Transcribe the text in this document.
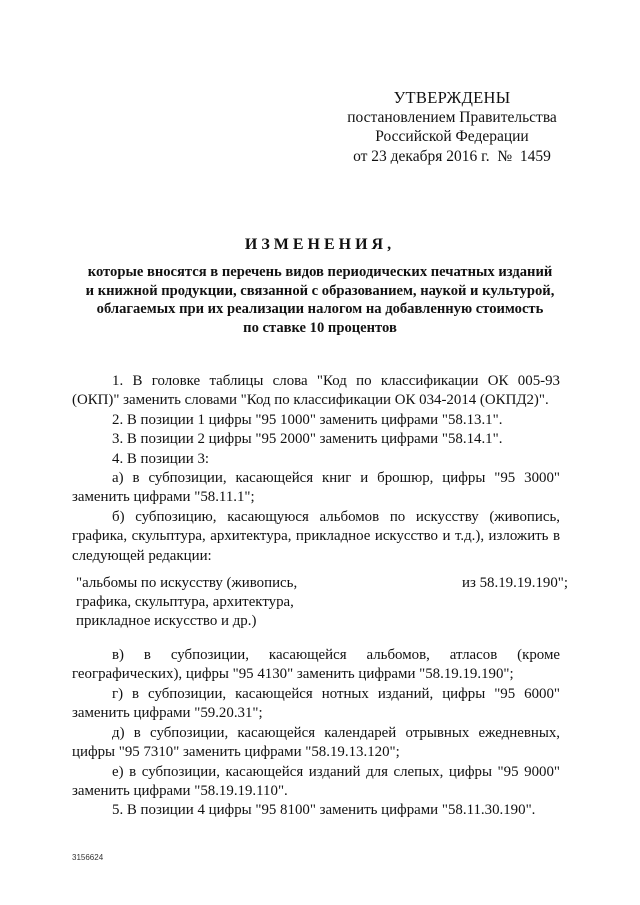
УТВЕРЖДЕНЫ
постановлением Правительства
Российской Федерации
от 23 декабря 2016 г.  №  1459
ИЗМЕНЕНИЯ,
которые вносятся в перечень видов периодических печатных изданий
и книжной продукции, связанной с образованием, наукой и культурой,
облагаемых при их реализации налогом на добавленную стоимость
по ставке 10 процентов

1. В головке таблицы слова "Код по классификации ОК 005-93 (ОКП)" заменить словами "Код по классификации ОК 034-2014 (ОКПД2)".

2. В позиции 1 цифры "95 1000" заменить цифрами "58.13.1".

3. В позиции 2 цифры "95 2000" заменить цифрами "58.14.1".

4. В позиции 3:

а) в субпозиции, касающейся книг и брошюр, цифры "95 3000" заменить цифрами "58.11.1";

б) субпозицию, касающуюся альбомов по искусству (живопись, графика, скульптура, архитектура, прикладное искусство и т.д.), изложить в следующей редакции:

"альбомы по искусству (живопись,
графика, скульптура, архитектура,
прикладное искусство и др.)
из 58.19.19.190";

в) в субпозиции, касающейся альбомов, атласов (кроме географических), цифры "95 4130" заменить цифрами "58.19.19.190";

г) в субпозиции, касающейся нотных изданий, цифры "95 6000" заменить цифрами "59.20.31";

д) в субпозиции, касающейся календарей отрывных ежедневных, цифры "95 7310" заменить цифрами "58.19.13.120";

е) в субпозиции, касающейся изданий для слепых, цифры "95 9000" заменить цифрами "58.19.19.110".

5. В позиции 4 цифры "95 8100" заменить цифрами "58.11.30.190".

3156624
